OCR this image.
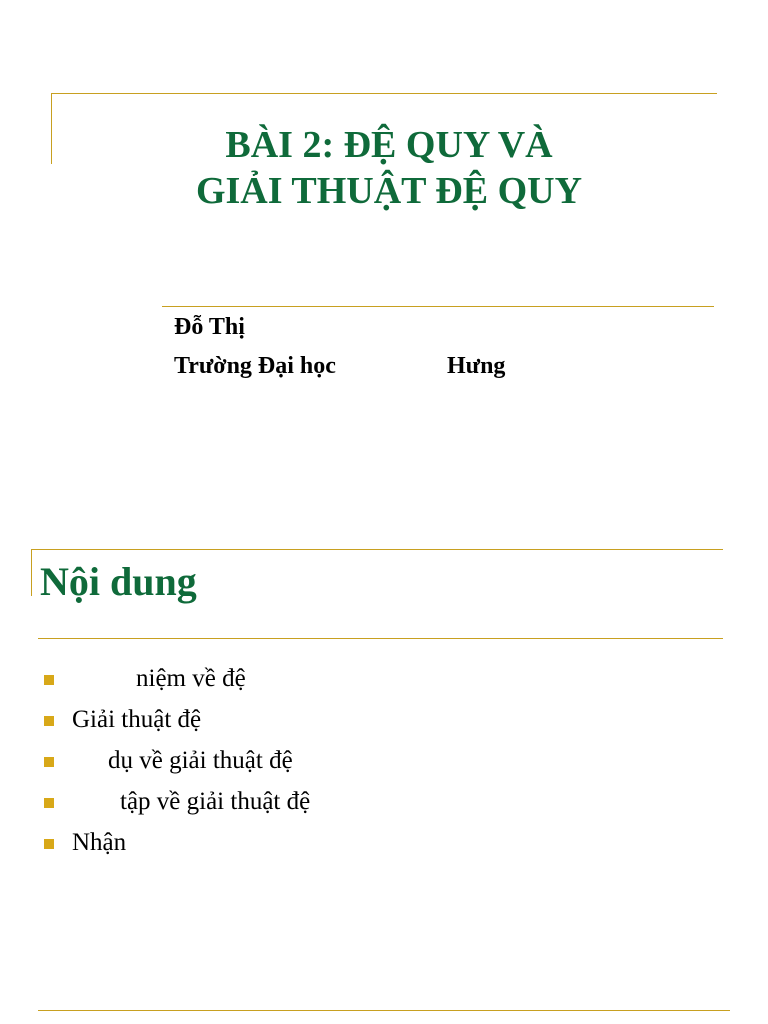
BÀI 2: ĐỆ QUY VÀ
GIẢI THUẬT ĐỆ QUY
Đỗ Thị
Trường Đại học	Hưng
Nội dung
niệm về đệ
Giải thuật đệ
dụ về giải thuật đệ
tập về giải thuật đệ
Nhận
